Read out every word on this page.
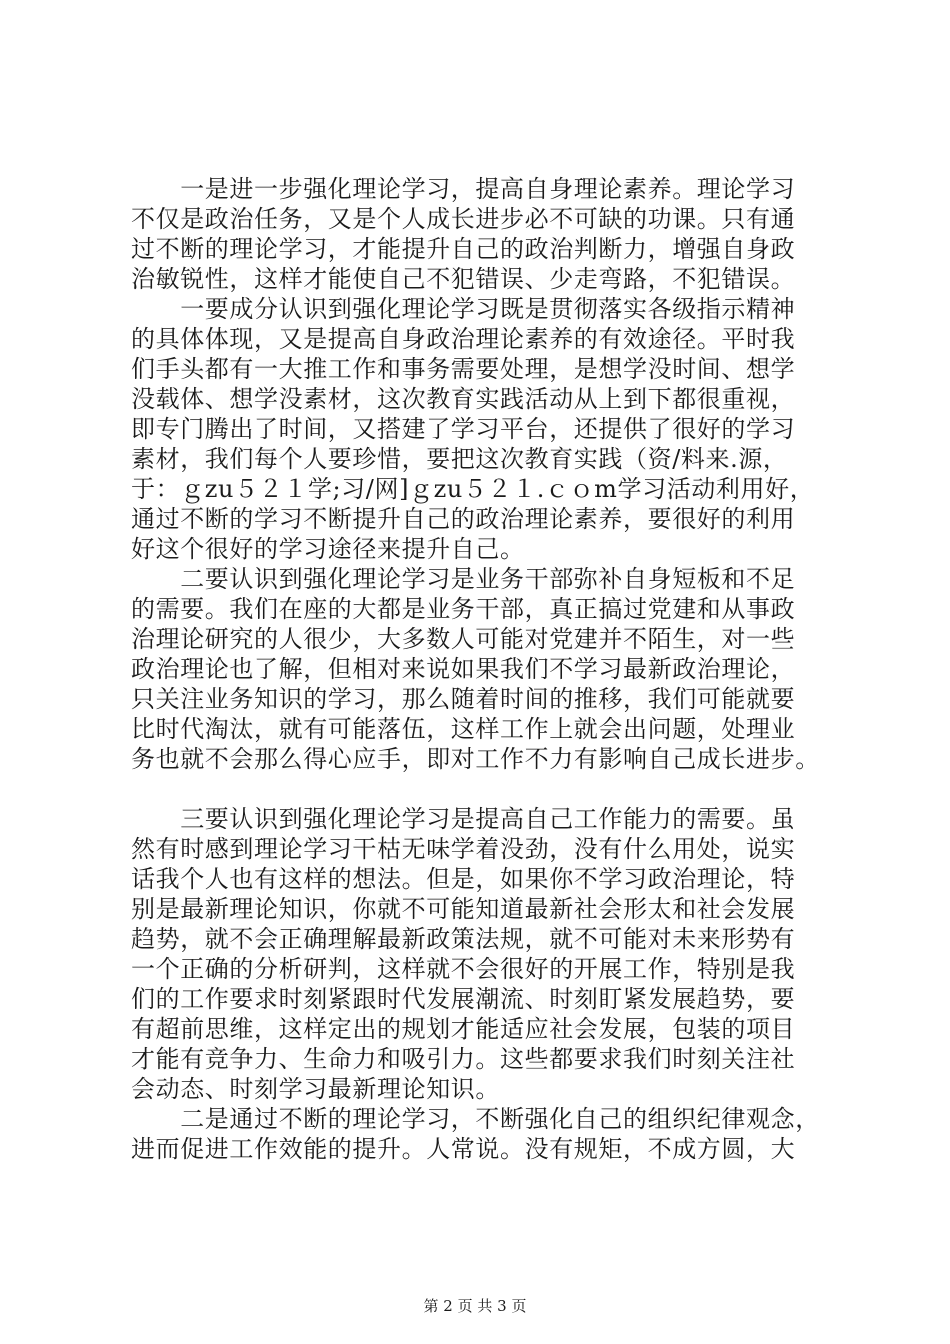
　　一是进一步强化理论学习，提高自身理论素养。理论学习
不仅是政治任务，又是个人成长进步必不可缺的功课。只有通
过不断的理论学习，才能提升自己的政治判断力，增强自身政
治敏锐性，这样才能使自己不犯错误、少走弯路，不犯错误。
　　一要成分认识到强化理论学习既是贯彻落实各级指示精神
的具体体现，又是提高自身政治理论素养的有效途径。平时我
们手头都有一大推工作和事务需要处理，是想学没时间、想学
没载体、想学没素材，这次教育实践活动从上到下都很重视，
即专门腾出了时间，又搭建了学习平台，还提供了很好的学习
素材，我们每个人要珍惜，要把这次教育实践（资/料来.源，
于：ｇzu５２１学;习/网]ｇzu５２１.ｃｏm学习活动利用好，
通过不断的学习不断提升自己的政治理论素养，要很好的利用
好这个很好的学习途径来提升自己。
　　二要认识到强化理论学习是业务干部弥补自身短板和不足
的需要。我们在座的大都是业务干部，真正搞过党建和从事政
治理论研究的人很少，大多数人可能对党建并不陌生，对一些
政治理论也了解，但相对来说如果我们不学习最新政治理论，
只关注业务知识的学习，那么随着时间的推移，我们可能就要
比时代淘汰，就有可能落伍，这样工作上就会出问题，处理业
务也就不会那么得心应手，即对工作不力有影响自己成长进步。
　　三要认识到强化理论学习是提高自己工作能力的需要。虽
然有时感到理论学习干枯无味学着没劲，没有什么用处，说实
话我个人也有这样的想法。但是，如果你不学习政治理论，特
别是最新理论知识，你就不可能知道最新社会形太和社会发展
趋势，就不会正确理解最新政策法规，就不可能对未来形势有
一个正确的分析研判，这样就不会很好的开展工作，特别是我
们的工作要求时刻紧跟时代发展潮流、时刻盯紧发展趋势，要
有超前思维，这样定出的规划才能适应社会发展，包装的项目
才能有竞争力、生命力和吸引力。这些都要求我们时刻关注社
会动态、时刻学习最新理论知识。
　　二是通过不断的理论学习，不断强化自己的组织纪律观念，
进而促进工作效能的提升。人常说。没有规矩，不成方圆，大
第 2 页 共 3 页
